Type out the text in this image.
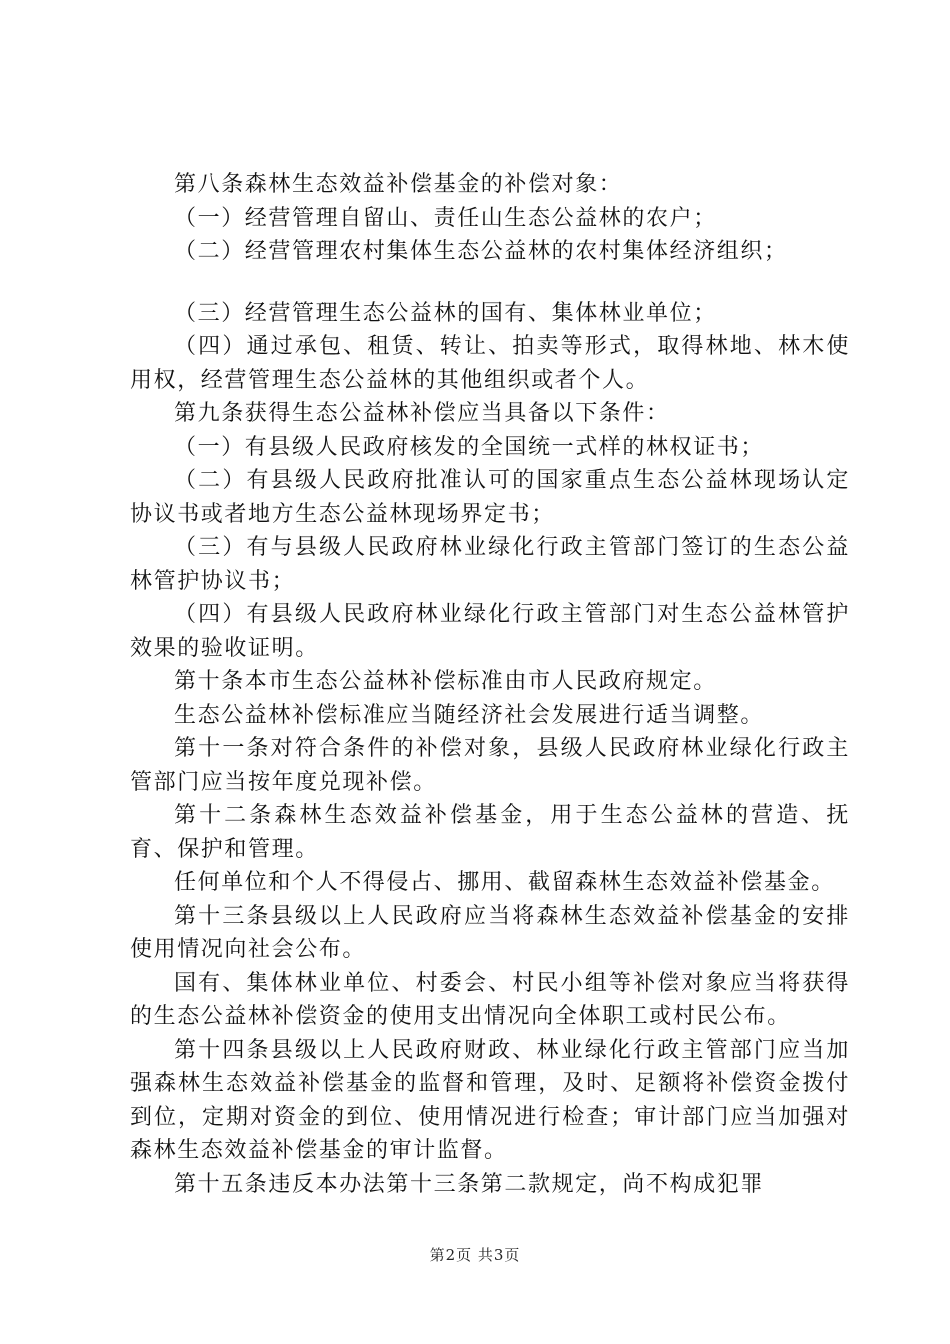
第八条森林生态效益补偿基金的补偿对象：

（一）经营管理自留山、责任山生态公益林的农户；

（二）经营管理农村集体生态公益林的农村集体经济组织；

（三）经营管理生态公益林的国有、集体林业单位；

（四）通过承包、租赁、转让、拍卖等形式，取得林地、林木使用权，经营管理生态公益林的其他组织或者个人。

第九条获得生态公益林补偿应当具备以下条件：

（一）有县级人民政府核发的全国统一式样的林权证书；

（二）有县级人民政府批准认可的国家重点生态公益林现场认定协议书或者地方生态公益林现场界定书；

（三）有与县级人民政府林业绿化行政主管部门签订的生态公益林管护协议书；

（四）有县级人民政府林业绿化行政主管部门对生态公益林管护效果的验收证明。

第十条本市生态公益林补偿标准由市人民政府规定。

生态公益林补偿标准应当随经济社会发展进行适当调整。

第十一条对符合条件的补偿对象，县级人民政府林业绿化行政主管部门应当按年度兑现补偿。

第十二条森林生态效益补偿基金，用于生态公益林的营造、抚育、保护和管理。

任何单位和个人不得侵占、挪用、截留森林生态效益补偿基金。

第十三条县级以上人民政府应当将森林生态效益补偿基金的安排使用情况向社会公布。

国有、集体林业单位、村委会、村民小组等补偿对象应当将获得的生态公益林补偿资金的使用支出情况向全体职工或村民公布。

第十四条县级以上人民政府财政、林业绿化行政主管部门应当加强森林生态效益补偿基金的监督和管理，及时、足额将补偿资金拨付到位，定期对资金的到位、使用情况进行检查；审计部门应当加强对森林生态效益补偿基金的审计监督。

第十五条违反本办法第十三条第二款规定，尚不构成犯罪

第2页 共3页
